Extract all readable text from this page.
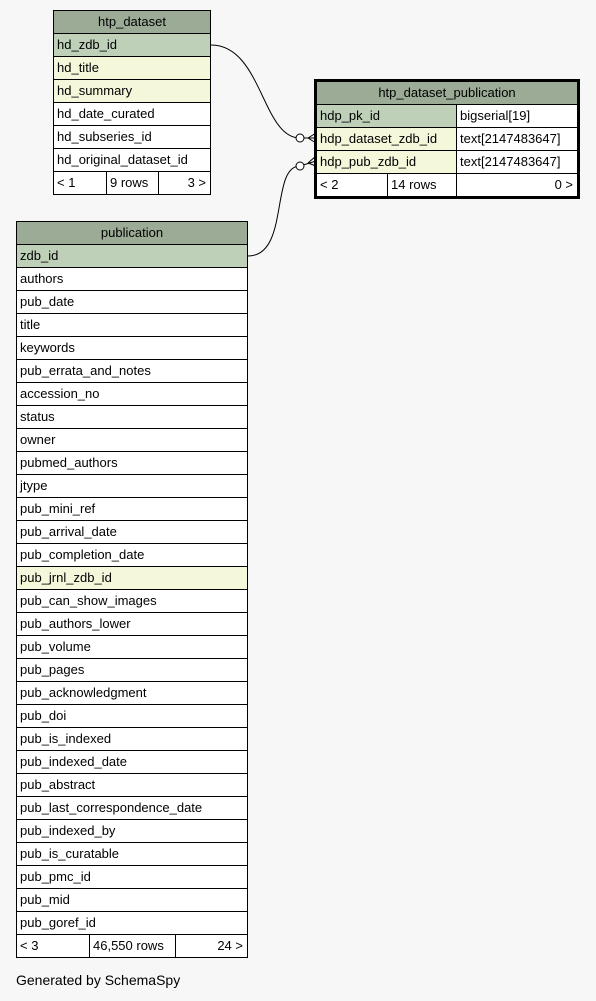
htp_dataset
hd_zdb_id
hd_title
hd_summary
hd_date_curated
hd_subseries_id
hd_original_dataset_id
< 1	9 rows	3 >
htp_dataset_publication
hdp_pk_id	bigserial[19]
hdp_dataset_zdb_id	text[2147483647]
hdp_pub_zdb_id	text[2147483647]
< 2	14 rows	0 >
publication
zdb_id
authors
pub_date
title
keywords
pub_errata_and_notes
accession_no
status
owner
pubmed_authors
jtype
pub_mini_ref
pub_arrival_date
pub_completion_date
pub_jrnl_zdb_id
pub_can_show_images
pub_authors_lower
pub_volume
pub_pages
pub_acknowledgment
pub_doi
pub_is_indexed
pub_indexed_date
pub_abstract
pub_last_correspondence_date
pub_indexed_by
pub_is_curatable
pub_pmc_id
pub_mid
pub_goref_id
< 3	46,550 rows	24 >
Generated by SchemaSpy
